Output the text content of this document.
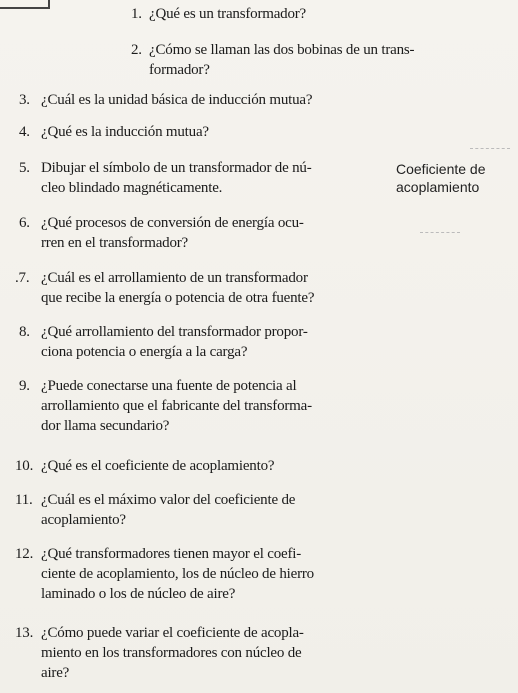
1. ¿Qué es un transformador?
2. ¿Cómo se llaman las dos bobinas de un trans-
formador?
3. ¿Cuál es la unidad básica de inducción mutua?
4. ¿Qué es la inducción mutua?
5. Dibujar el símbolo de un transformador de nú-
cleo blindado magnéticamente.
Coeficiente de
acoplamiento
6. ¿Qué procesos de conversión de energía ocu-
rren en el transformador?
.7. ¿Cuál es el arrollamiento de un transformador
que recibe la energía o potencia de otra fuente?
8. ¿Qué arrollamiento del transformador propor-
ciona potencia o energía a la carga?
9. ¿Puede conectarse una fuente de potencia al
arrollamiento que el fabricante del transforma-
dor llama secundario?
10. ¿Qué es el coeficiente de acoplamiento?
11. ¿Cuál es el máximo valor del coeficiente de
acoplamiento?
12. ¿Qué transformadores tienen mayor el coefi-
ciente de acoplamiento, los de núcleo de hierro
laminado o los de núcleo de aire?
13. ¿Cómo puede variar el coeficiente de acopla-
miento en los transformadores con núcleo de
aire?
